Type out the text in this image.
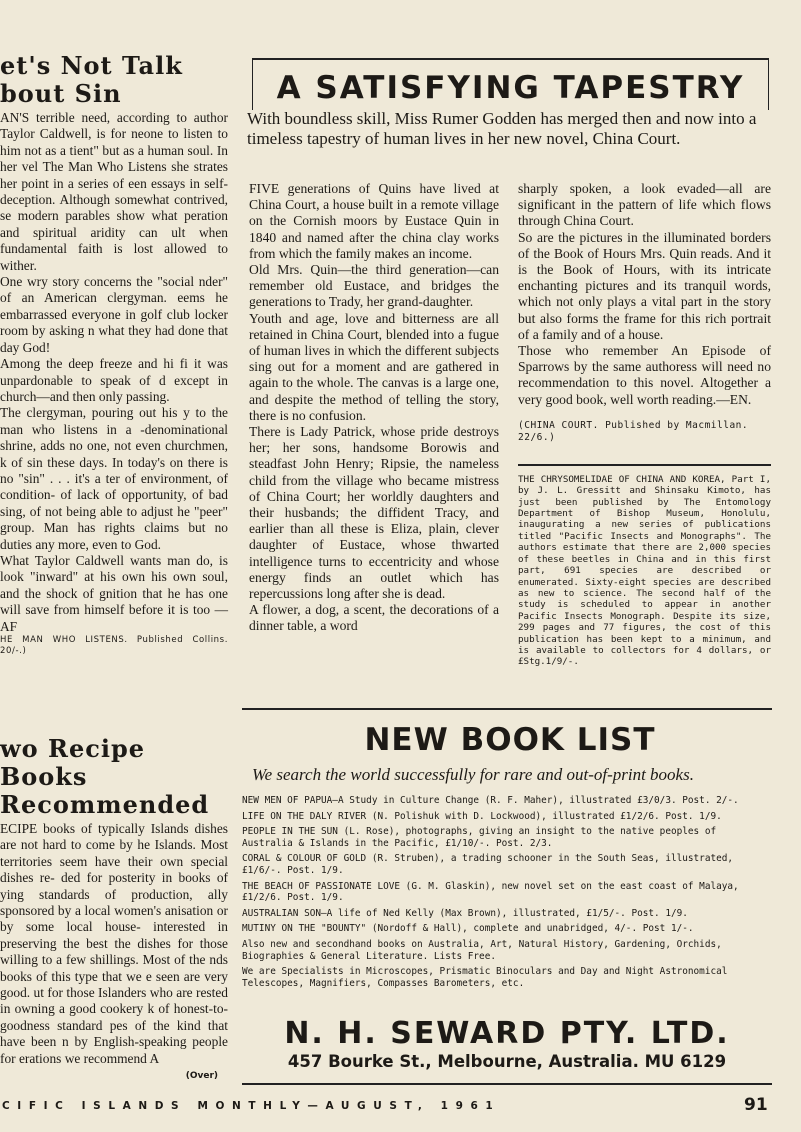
et's Not Talk
bout Sin

AN'S terrible need, according to author Taylor Caldwell, is for neone to listen to him not as a tient" but as a human soul. In her vel The Man Who Listens she strates her point in a series of een essays in self-deception. Although somewhat contrived, se modern parables show what peration and spiritual aridity can ult when fundamental faith is lost allowed to wither.

One wry story concerns the "social nder" of an American clergyman. eems he embarrassed everyone in golf club locker room by asking n what they had done that day God!

Among the deep freeze and hi fi it was unpardonable to speak of d except in church—and then only passing.

The clergyman, pouring out his y to the man who listens in a -denominational shrine, adds no one, not even churchmen, k of sin these days. In today's on there is no "sin" . . . it's a ter of environment, of condition- of lack of opportunity, of bad sing, of not being able to adjust he "peer" group. Man has rights claims but no duties any more, even to God.

What Taylor Caldwell wants man do, is look "inward" at his own his own soul, and the shock of gnition that he has one will save from himself before it is too —AF

HE MAN WHO LISTENS. Published Collins. 20/-.)

wo Recipe Books
Recommended

ECIPE books of typically Islands dishes are not hard to come by he Islands. Most territories seem have their own special dishes re- ded for posterity in books of ying standards of production, ally sponsored by a local women's anisation or by some local house- interested in preserving the best the dishes for those willing to a few shillings. Most of the nds books of this type that we e seen are very good. ut for those Islanders who are rested in owning a good cookery k of honest-to-goodness standard pes of the kind that have been n by English-speaking people for erations we recommend A

(Over)

A SATISFYING TAPESTRY

With boundless skill, Miss Rumer Godden has merged then and now into a timeless tapestry of human lives in her new novel, China Court.

FIVE generations of Quins have lived at China Court, a house built in a remote village on the Cornish moors by Eustace Quin in 1840 and named after the china clay works from which the family makes an income.

Old Mrs. Quin—the third generation—can remember old Eustace, and bridges the generations to Trady, her grand-daughter.

Youth and age, love and bitterness are all retained in China Court, blended into a fugue of human lives in which the different subjects sing out for a moment and are gathered in again to the whole. The canvas is a large one, and despite the method of telling the story, there is no confusion.

There is Lady Patrick, whose pride destroys her; her sons, handsome Borowis and steadfast John Henry; Ripsie, the nameless child from the village who became mistress of China Court; her worldly daughters and their husbands; the diffident Tracy, and earlier than all these is Eliza, plain, clever daughter of Eustace, whose thwarted intelligence turns to eccentricity and whose energy finds an outlet which has repercussions long after she is dead.

A flower, a dog, a scent, the decorations of a dinner table, a word

sharply spoken, a look evaded—all are significant in the pattern of life which flows through China Court.

So are the pictures in the illuminated borders of the Book of Hours Mrs. Quin reads. And it is the Book of Hours, with its intricate enchanting pictures and its tranquil words, which not only plays a vital part in the story but also forms the frame for this rich portrait of a family and of a house.

Those who remember An Episode of Sparrows by the same authoress will need no recommendation to this novel. Altogether a very good book, well worth reading.—EN.

(CHINA COURT. Published by Macmillan. 22/6.)

THE CHRYSOMELIDAE OF CHINA AND KOREA, Part I, by J. L. Gressitt and Shinsaku Kimoto, has just been published by The Entomology Department of Bishop Museum, Honolulu, inaugurating a new series of publications titled "Pacific Insects and Monographs". The authors estimate that there are 2,000 species of these beetles in China and in this first part, 691 species are described or enumerated. Sixty-eight species are described as new to science. The second half of the study is scheduled to appear in another Pacific Insects Monograph. Despite its size, 299 pages and 77 figures, the cost of this publication has been kept to a minimum, and is available to collectors for 4 dollars, or £Stg.1/9/-.

NEW BOOK LIST

We search the world successfully for rare and out-of-print books.

NEW MEN OF PAPUA—A Study in Culture Change (R. F. Maher), illustrated £3/0/3. Post. 2/-.

LIFE ON THE DALY RIVER (N. Polishuk with D. Lockwood), illustrated £1/2/6. Post. 1/9.

PEOPLE IN THE SUN (L. Rose), photographs, giving an insight to the native peoples of Australia & Islands in the Pacific, £1/10/-. Post. 2/3.

CORAL & COLOUR OF GOLD (R. Struben), a trading schooner in the South Seas, illustrated, £1/6/-. Post. 1/9.

THE BEACH OF PASSIONATE LOVE (G. M. Glaskin), new novel set on the east coast of Malaya, £1/2/6. Post. 1/9.

AUSTRALIAN SON—A life of Ned Kelly (Max Brown), illustrated, £1/5/-. Post. 1/9.

MUTINY ON THE "BOUNTY" (Nordoff & Hall), complete and unabridged, 4/-. Post 1/-.

Also new and secondhand books on Australia, Art, Natural History, Gardening, Orchids, Biographies & General Literature. Lists Free.

We are Specialists in Microscopes, Prismatic Binoculars and Day and Night Astronomical Telescopes, Magnifiers, Compasses Barometers, etc.

N. H. SEWARD PTY. LTD.

457 Bourke St., Melbourne, Australia. MU 6129

CIFIC ISLANDS MONTHLY—AUGUST, 1961	91
